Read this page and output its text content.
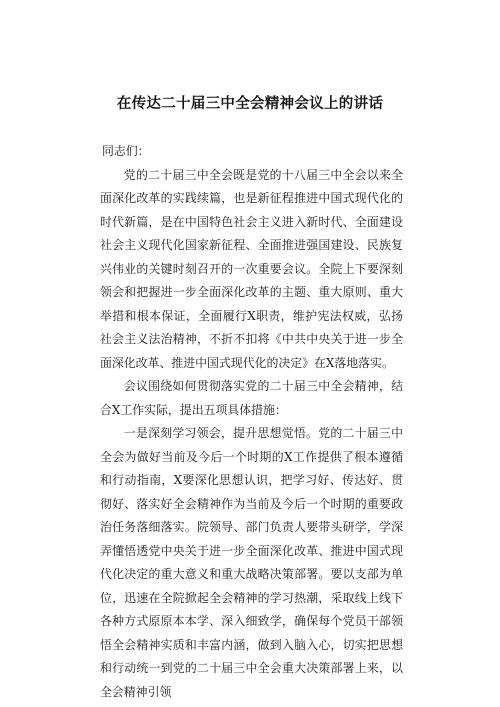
在传达二十届三中全会精神会议上的讲话

同志们：

党的二十届三中全会既是党的十八届三中全会以来全面深化改革的实践续篇，也是新征程推进中国式现代化的时代新篇，是在中国特色社会主义进入新时代、全面建设社会主义现代化国家新征程、全面推进强国建设、民族复兴伟业的关键时刻召开的一次重要会议。全院上下要深刻领会和把握进一步全面深化改革的主题、重大原则、重大举措和根本保证，全面履行X职责，维护宪法权威，弘扬社会主义法治精神，不折不扣将《中共中央关于进一步全面深化改革、推进中国式现代化的决定》在X落地落实。

会议围绕如何贯彻落实党的二十届三中全会精神，结合X工作实际，提出五项具体措施：

一是深刻学习领会，提升思想觉悟。党的二十届三中全会为做好当前及今后一个时期的X工作提供了根本遵循和行动指南，X要深化思想认识，把学习好、传达好、贯彻好、落实好全会精神作为当前及今后一个时期的重要政治任务落细落实。院领导、部门负责人要带头研学，学深弄懂悟透党中央关于进一步全面深化改革、推进中国式现代化决定的重大意义和重大战略决策部署。要以支部为单位，迅速在全院掀起全会精神的学习热潮，采取线上线下各种方式原原本本学、深入细致学，确保每个党员干部领悟全会精神实质和丰富内涵，做到入脑入心，切实把思想和行动统一到党的二十届三中全会重大决策部署上来，以全会精神引领
